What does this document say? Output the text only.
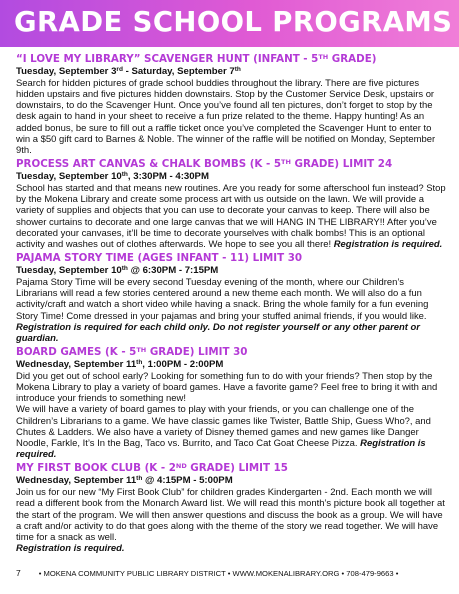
GRADE SCHOOL PROGRAMS
“I LOVE MY LIBRARY” SCAVENGER HUNT (INFANT - 5TH GRADE)
Tuesday, September 3rd - Saturday, September 7th
Search for hidden pictures of grade school buddies throughout the library. There are five pictures hidden upstairs and five pictures hidden downstairs. Stop by the Customer Service Desk, upstairs or downstairs, to do the Scavenger Hunt. Once you’ve found all ten pictures, don’t forget to stop by the desk again to hand in your sheet to receive a fun prize related to the theme. Happy hunting! As an added bonus, be sure to fill out a raffle ticket once you’ve completed the Scavenger Hunt to enter to win a $50 gift card to Barnes & Noble. The winner of the raffle will be notified on Monday, September 9th.
PROCESS ART CANVAS & CHALK BOMBS (K - 5TH GRADE) LIMIT 24
Tuesday, September 10th, 3:30PM - 4:30PM
School has started and that means new routines. Are you ready for some afterschool fun instead? Stop by the Mokena Library and create some process art with us outside on the lawn. We will provide a variety of supplies and objects that you can use to decorate your canvas to keep. There will also be shower curtains to decorate and one large canvas that we will HANG IN THE LIBRARY!! After you’ve decorated your canvases, it’ll be time to decorate yourselves with chalk bombs! This is an optional activity and washes out of clothes afterwards. We hope to see you all there! Registration is required.
PAJAMA STORY TIME (AGES INFANT - 11) LIMIT 30
Tuesday, September 10th @ 6:30PM - 7:15PM
Pajama Story Time will be every second Tuesday evening of the month, where our Children’s Librarians will read a few stories centered around a new theme each month. We will also do a fun activity/craft and watch a short video while having a snack. Bring the whole family for a fun evening Story Time! Come dressed in your pajamas and bring your stuffed animal friends, if you would like. Registration is required for each child only. Do not register yourself or any other parent or guardian.
BOARD GAMES (K - 5TH GRADE) LIMIT 30
Wednesday, September 11th, 1:00PM - 2:00PM
Did you get out of school early? Looking for something fun to do with your friends? Then stop by the Mokena Library to play a variety of board games. Have a favorite game? Feel free to bring it with and introduce your friends to something new!
We will have a variety of board games to play with your friends, or you can challenge one of the Children’s Librarians to a game. We have classic games like Twister, Battle Ship, Guess Who?, and Chutes & Ladders. We also have a variety of Disney themed games and new games like Danger Noodle, Farkle, It’s In the Bag, Taco vs. Burrito, and Taco Cat Goat Cheese Pizza. Registration is required.
MY FIRST BOOK CLUB (K - 2ND GRADE) LIMIT 15
Wednesday, September 11th @ 4:15PM - 5:00PM
Join us for our new “My First Book Club” for children grades Kindergarten - 2nd. Each month we will read a different book from the Monarch Award list. We will read this month’s picture book all together at the start of the program. We will then answer questions and discuss the book as a group. We will have a craft and/or activity to do that goes along with the theme of the story we read together. We will have time for a snack as well.
Registration is required.
7 • MOKENA COMMUNITY PUBLIC LIBRARY DISTRICT • WWW.MOKENALIBRARY.ORG • 708-479-9663 •
